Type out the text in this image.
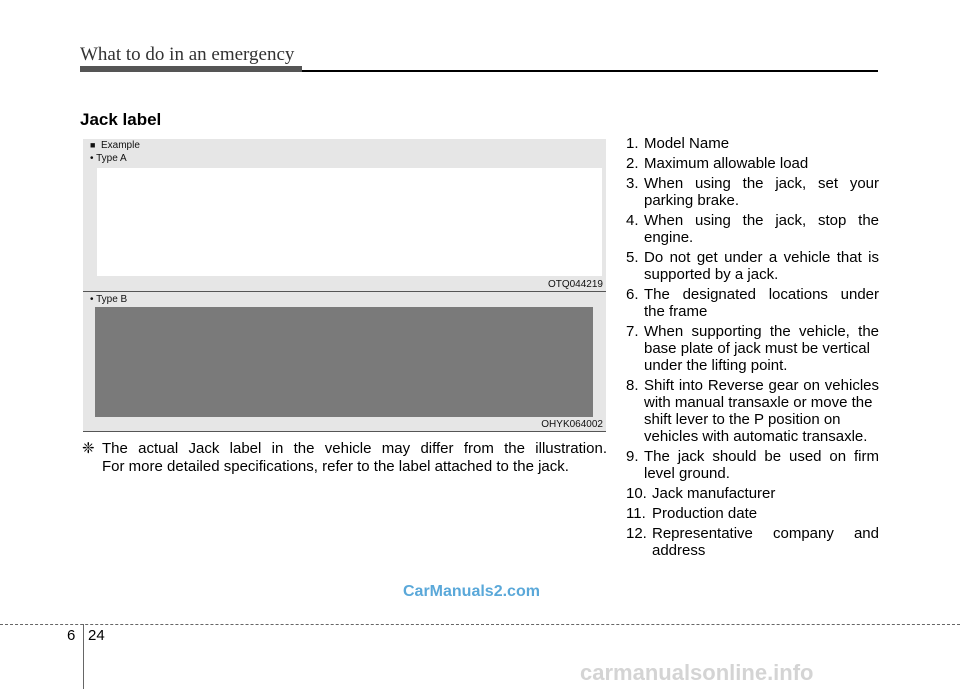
What to do in an emergency
Jack label
■ Example
• Type A
OTQ044219
• Type B
OHYK064002
❈ The actual Jack label in the vehicle may differ from the illustration.
For more detailed specifications, refer to the label attached to the jack.
1. Model Name
2. Maximum allowable load
3. When using the jack, set your
parking brake.
4. When using the jack, stop the
engine.
5. Do not get under a vehicle that is
supported by a jack.
6. The designated locations under
the frame
7. When supporting the vehicle, the
base plate of jack must be vertical under the lifting point.
8. Shift into Reverse gear on vehicles
with manual transaxle or move the shift lever to the P position on vehicles with automatic transaxle.
9. The jack should be used on firm
level ground.
10. Jack manufacturer
11. Production date
12. Representative company and
address
CarManuals2.com
6 24
carmanualsonline.info
